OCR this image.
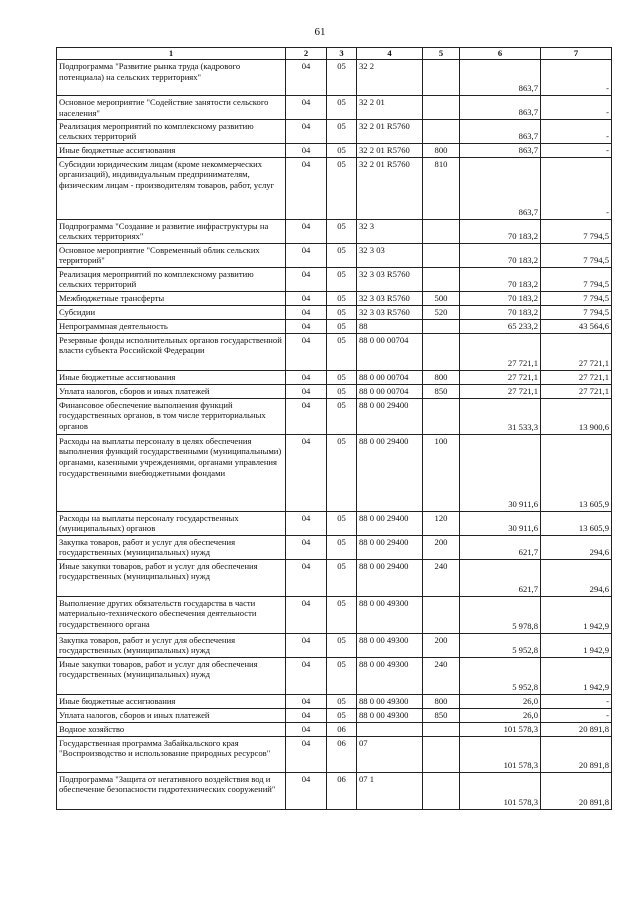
61
1	2	3	4	5	6	7
Подпрограмма "Развитие рынка труда (кадрового потенциала) на сельских территориях"	04	05	32 2		863,7	-
Основное мероприятие "Содействие занятости сельского населения"	04	05	32 2 01		863,7	-
Реализация мероприятий по комплексному развитию сельских территорий	04	05	32 2 01 R5760		863,7	-
Иные бюджетные ассигнования	04	05	32 2 01 R5760	800	863,7	-
Субсидии юридическим лицам (кроме некоммерческих организаций), индивидуальным предпринимателям, физическим лицам - производителям товаров, работ, услуг	04	05	32 2 01 R5760	810	863,7	-
Подпрограмма "Создание и развитие инфраструктуры на сельских территориях"	04	05	32 3		70 183,2	7 794,5
Основное мероприятие "Современный облик сельских территорий"	04	05	32 3 03		70 183,2	7 794,5
Реализация мероприятий по комплексному развитию сельских территорий	04	05	32 3 03 R5760		70 183,2	7 794,5
Межбюджетные трансферты	04	05	32 3 03 R5760	500	70 183,2	7 794,5
Субсидии	04	05	32 3 03 R5760	520	70 183,2	7 794,5
Непрограммная деятельность	04	05	88		65 233,2	43 564,6
Резервные фонды исполнительных органов государственной власти субъекта Российской Федерации	04	05	88 0 00 00704		27 721,1	27 721,1
Иные бюджетные ассигнования	04	05	88 0 00 00704	800	27 721,1	27 721,1
Уплата налогов, сборов и иных платежей	04	05	88 0 00 00704	850	27 721,1	27 721,1
Финансовое обеспечение выполнения функций государственных органов, в том числе территориальных органов	04	05	88 0 00 29400		31 533,3	13 900,6
Расходы на выплаты персоналу в целях обеспечения выполнения функций государственными (муниципальными) органами, казенными учреждениями, органами управления государственными внебюджетными фондами	04	05	88 0 00 29400	100	30 911,6	13 605,9
Расходы на выплаты персоналу государственных (муниципальных) органов	04	05	88 0 00 29400	120	30 911,6	13 605,9
Закупка товаров, работ и услуг для обеспечения государственных (муниципальных) нужд	04	05	88 0 00 29400	200	621,7	294,6
Иные закупки товаров, работ и услуг для обеспечения государственных (муниципальных) нужд	04	05	88 0 00 29400	240	621,7	294,6
Выполнение других обязательств государства в части материально-технического обеспечения деятельности государственного органа	04	05	88 0 00 49300		5 978,8	1 942,9
Закупка товаров, работ и услуг для обеспечения государственных (муниципальных) нужд	04	05	88 0 00 49300	200	5 952,8	1 942,9
Иные закупки товаров, работ и услуг для обеспечения государственных (муниципальных) нужд	04	05	88 0 00 49300	240	5 952,8	1 942,9
Иные бюджетные ассигнования	04	05	88 0 00 49300	800	26,0	-
Уплата налогов, сборов и иных платежей	04	05	88 0 00 49300	850	26,0	-
Водное хозяйство	04	06			101 578,3	20 891,8
Государственная программа Забайкальского края "Воспроизводство и использование природных ресурсов"	04	06	07		101 578,3	20 891,8
Подпрограмма "Защита от негативного воздействия вод и обеспечение безопасности гидротехнических сооружений"	04	06	07 1		101 578,3	20 891,8
